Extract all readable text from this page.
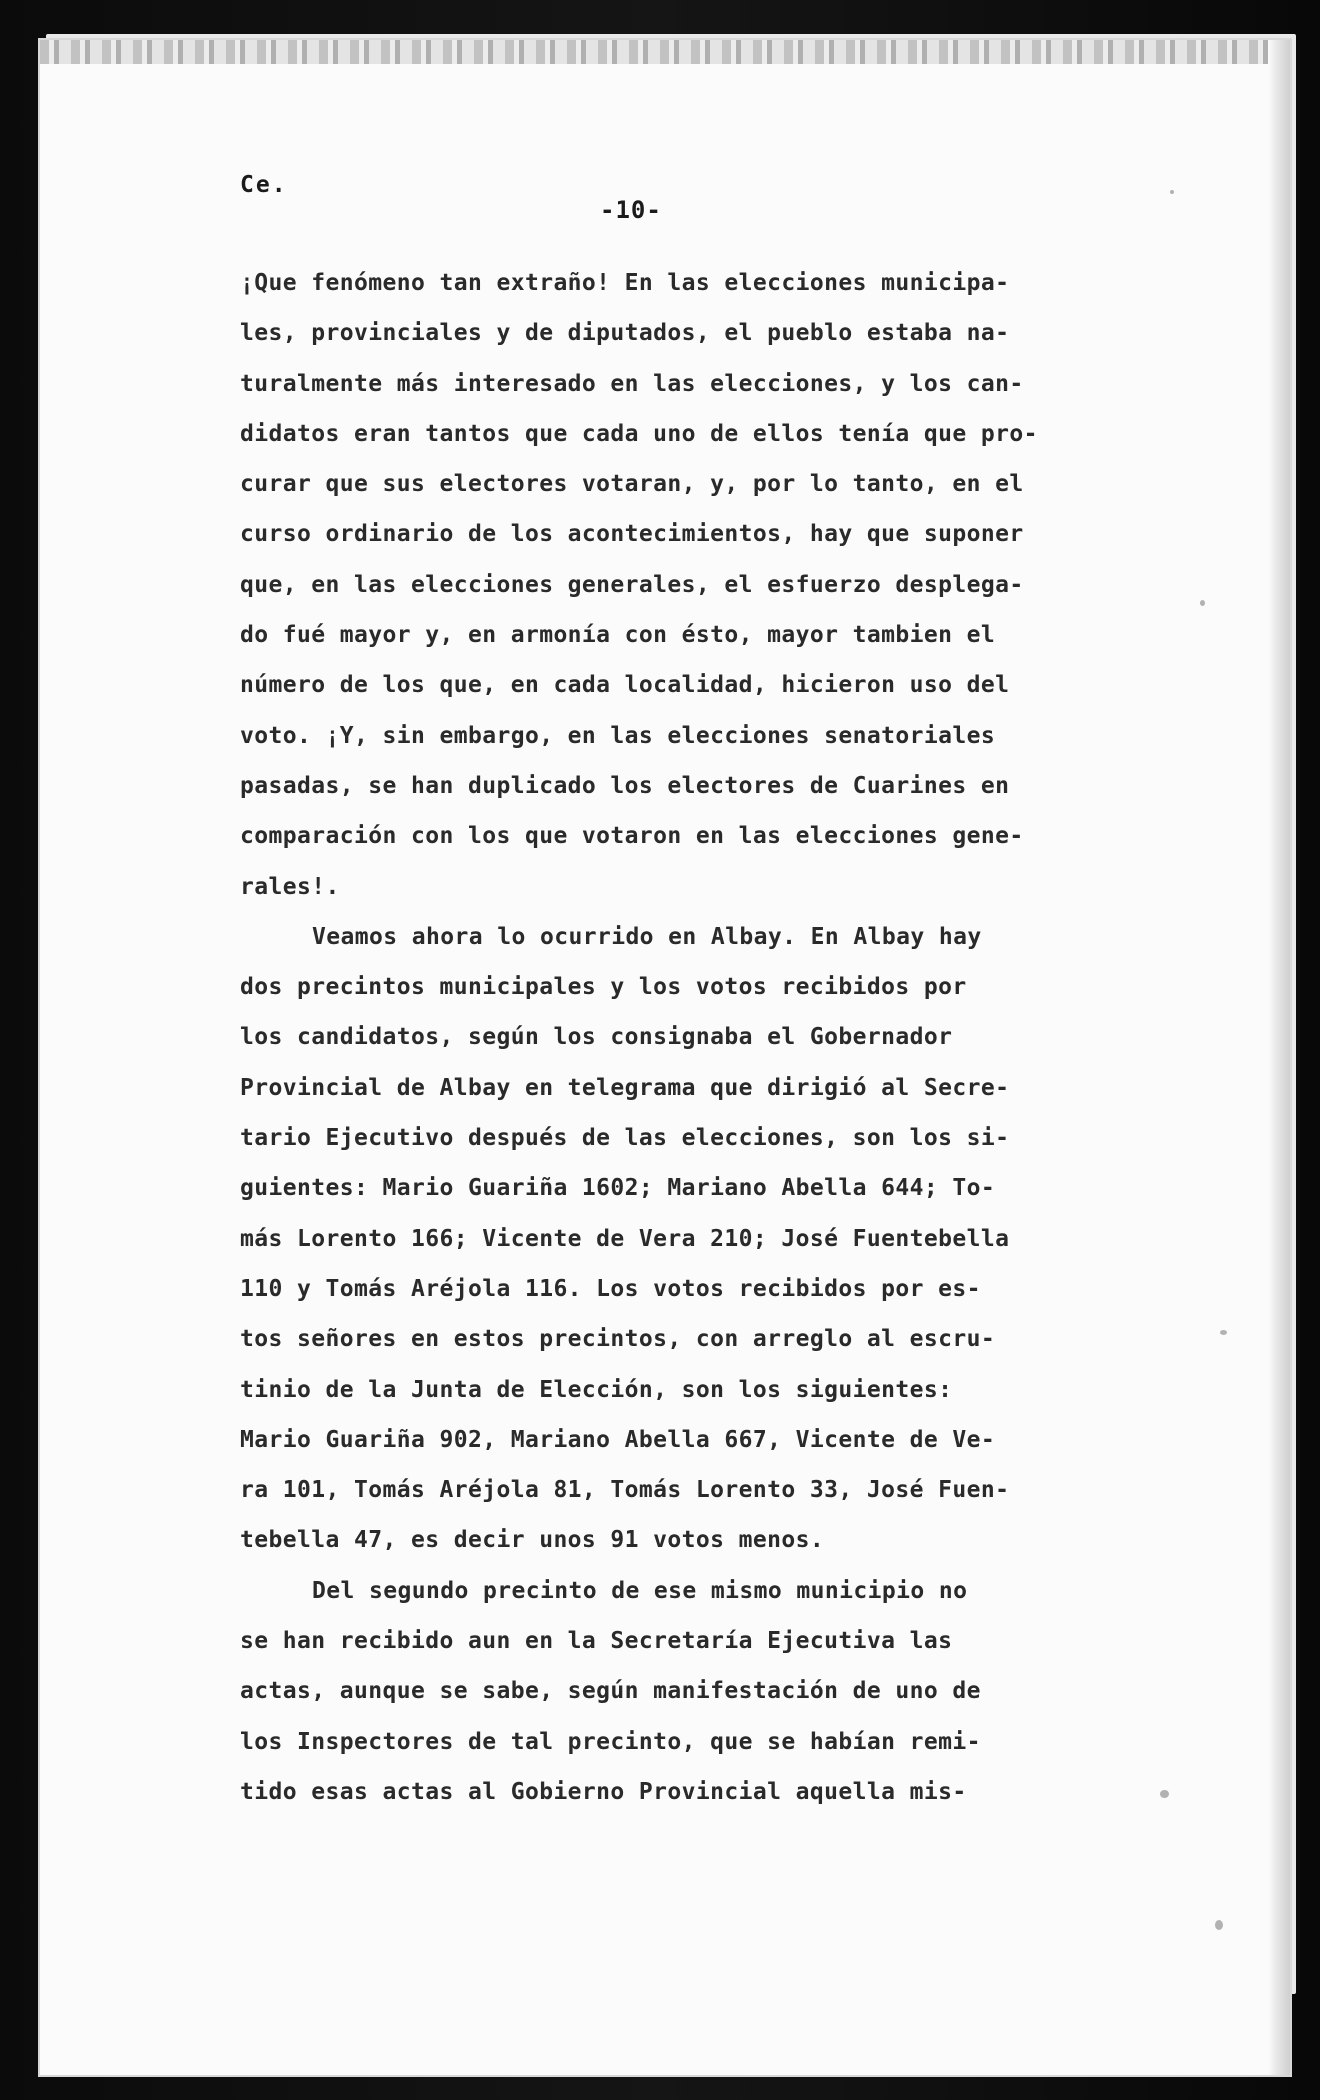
Ce.
-10-
¡Que fenómeno tan extraño! En las elecciones municipa-
les, provinciales y de diputados, el pueblo estaba na-
turalmente más interesado en las elecciones, y los can-
didatos eran tantos que cada uno de ellos tenía que pro-
curar que sus electores votaran, y, por lo tanto, en el
curso ordinario de los acontecimientos, hay que suponer
que, en las elecciones generales, el esfuerzo desplega-
do fué mayor y, en armonía con ésto, mayor tambien el
número de los que, en cada localidad, hicieron uso del
voto. ¡Y, sin embargo, en las elecciones senatoriales
pasadas, se han duplicado los electores de Cuarines en
comparación con los que votaron en las elecciones gene-
rales!.
Veamos ahora lo ocurrido en Albay. En Albay hay
dos precintos municipales y los votos recibidos por
los candidatos, según los consignaba el Gobernador
Provincial de Albay en telegrama que dirigió al Secre-
tario Ejecutivo después de las elecciones, son los si-
guientes: Mario Guariña 1602; Mariano Abella 644; To-
más Lorento 166; Vicente de Vera 210; José Fuentebella
110 y Tomás Aréjola 116. Los votos recibidos por es-
tos señores en estos precintos, con arreglo al escru-
tinio de la Junta de Elección, son los siguientes:
Mario Guariña 902, Mariano Abella 667, Vicente de Ve-
ra 101, Tomás Aréjola 81, Tomás Lorento 33, José Fuen-
tebella 47, es decir unos 91 votos menos.
Del segundo precinto de ese mismo municipio no
se han recibido aun en la Secretaría Ejecutiva las
actas, aunque se sabe, según manifestación de uno de
los Inspectores de tal precinto, que se habían remi-
tido esas actas al Gobierno Provincial aquella mis-
